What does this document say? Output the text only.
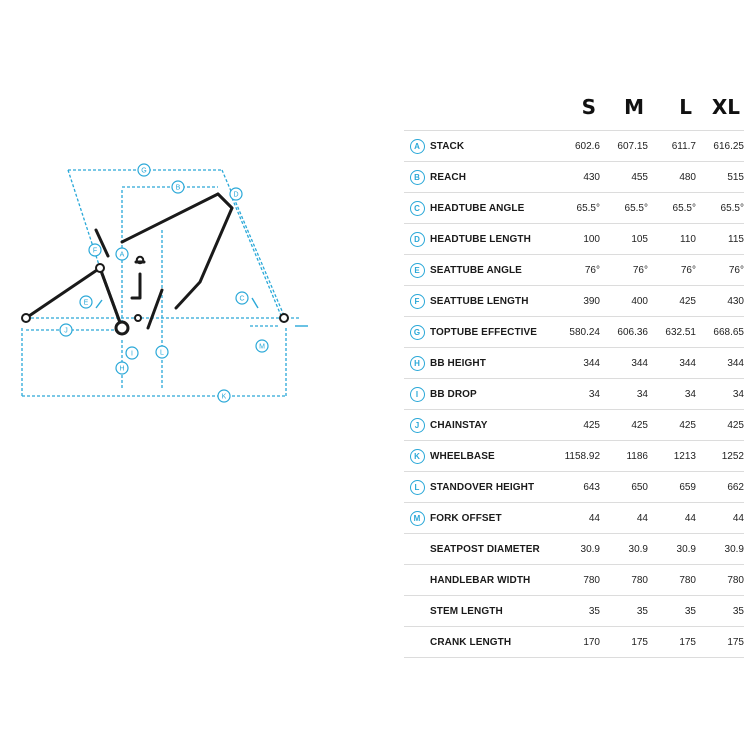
A
B
C
D
E
F
G
H
I
J
K
L
M
		S	M	L	XL
A	STACK	602.6	607.15	611.7	616.25
B	REACH	430	455	480	515
C	HEADTUBE ANGLE	65.5°	65.5°	65.5°	65.5°
D	HEADTUBE LENGTH	100	105	110	115
E	SEATTUBE ANGLE	76°	76°	76°	76°
F	SEATTUBE LENGTH	390	400	425	430
G	TOPTUBE EFFECTIVE	580.24	606.36	632.51	668.65
H	BB HEIGHT	344	344	344	344
I	BB DROP	34	34	34	34
J	CHAINSTAY	425	425	425	425
K	WHEELBASE	1158.92	1186	1213	1252
L	STANDOVER HEIGHT	643	650	659	662
M	FORK OFFSET	44	44	44	44
	SEATPOST DIAMETER	30.9	30.9	30.9	30.9
	HANDLEBAR WIDTH	780	780	780	780
	STEM LENGTH	35	35	35	35
	CRANK LENGTH	170	175	175	175
